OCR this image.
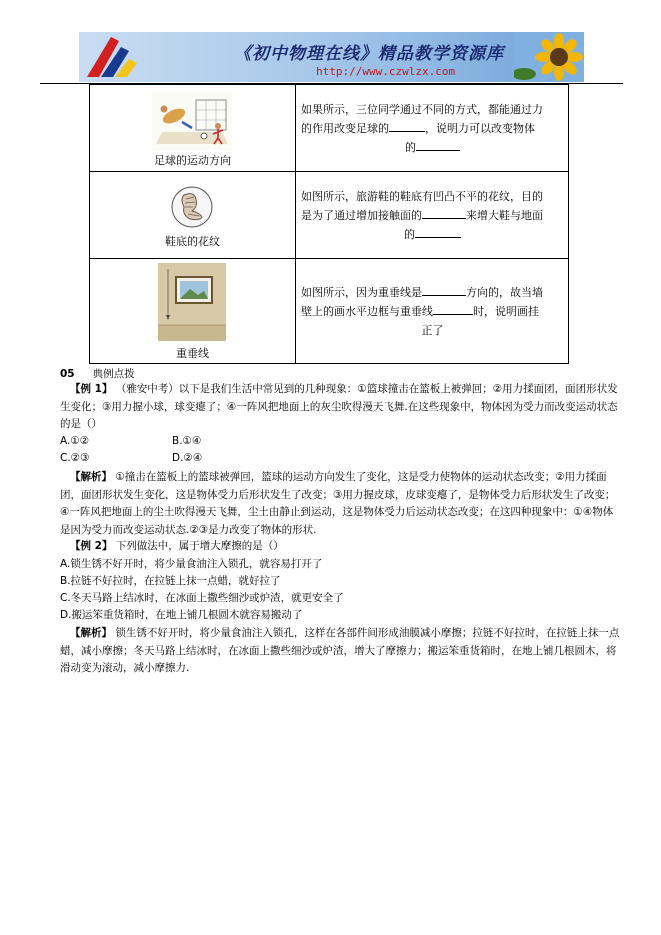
《初中物理在线》精品教学资源库
http://www.czwlzx.com
足球的运动方向	如果所示，三位同学通过不同的方式，都能通过力
的作用改变足球的 ，说明力可以改变物体

的

鞋底的花纹	如图所示，旅游鞋的鞋底有凹凸不平的花纹，目的
是为了通过增加接触面的 来增大鞋与地面

的

重垂线	如图所示，因为重垂线是 方向的，故当墙
壁上的画水平边框与重垂线 时，说明画挂

正了
05 典例点拨

【例 1】 （雅安中考）以下是我们生活中常见到的几种现象：①篮球撞击在篮板上被弹回；②用力揉面团，面团形状发生变化；③用力握小球，球变瘪了；④一阵风把地面上的灰尘吹得漫天飞舞.在这些现象中，物体因为受力而改变运动状态的是（）

A.①②	B.①④
C.②③	D.②④

【解析】 ①撞击在篮板上的篮球被弹回，篮球的运动方向发生了变化，这是受力使物体的运动状态改变；②用力揉面团，面团形状发生变化，这是物体受力后形状发生了改变；③用力握皮球，皮球变瘪了，是物体受力后形状发生了改变；④一阵风把地面上的尘土吹得漫天飞舞，尘土由静止到运动，这是物体受力后运动状态改变；在这四种现象中：①④物体是因为受力而改变运动状态.②③是力改变了物体的形状.

【例 2】 下列做法中，属于增大摩擦的是（）

A.锁生锈不好开时，将少量食油注入锁孔，就容易打开了
B.拉链不好拉时，在拉链上抹一点蜡，就好拉了
C.冬天马路上结冰时，在冰面上撒些细沙或炉渣，就更安全了
D.搬运笨重货箱时，在地上铺几根圆木就容易搬动了

【解析】 锁生锈不好开时，将少量食油注入锁孔，这样在各部件间形成油膜减小摩擦；拉链不好拉时，在拉链上抹一点蜡，减小摩擦；冬天马路上结冰时，在冰面上撒些细沙或炉渣，增大了摩擦力；搬运笨重货箱时，在地上铺几根圆木，将滑动变为滚动，减小摩擦力.
